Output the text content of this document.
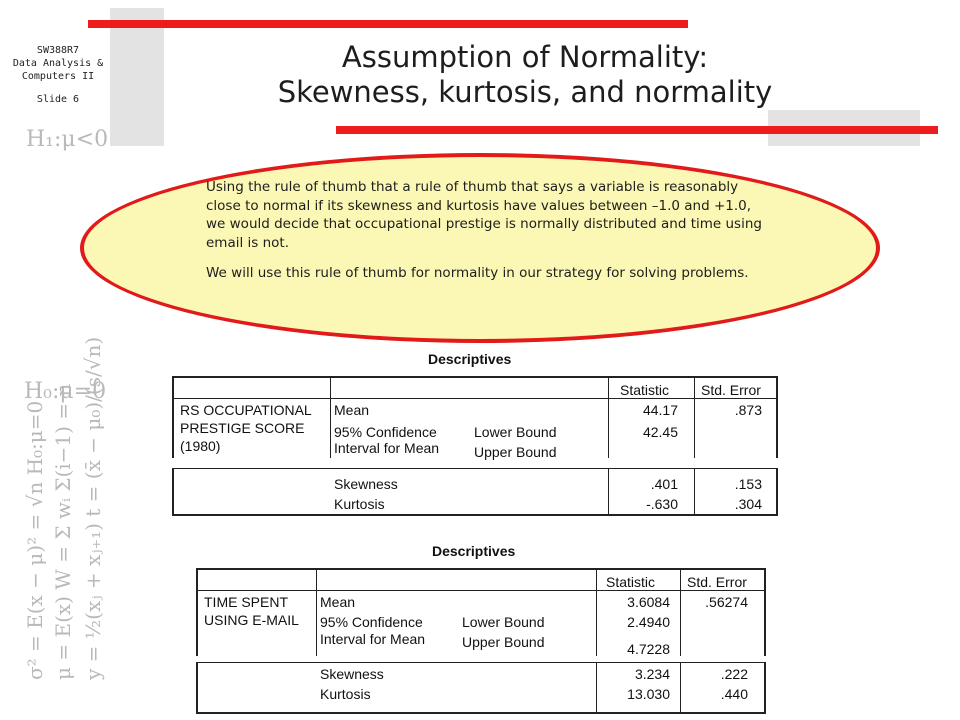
SW388R7
Data Analysis &
Computers II
Slide 6
H₁:μ<0
y = ½(xⱼ + xⱼ₊₁) t = (x̄ − μ₀)/(s/√n)
μ = E(x) W = Σ wᵢ Σ(i−1) = n
σ² = E(x − μ)² = √n H₀:μ=0
H₀:μ=0
Assumption of Normality:
Skewness, kurtosis, and normality

Using the rule of thumb that a rule of thumb that says a variable is reasonably close to normal if its skewness and kurtosis have values between –1.0 and +1.0, we would decide that occupational prestige is normally distributed and time using email is not.

We will use this rule of thumb for normality in our strategy for solving problems.

Descriptives
Statistic Std. Error
RS OCCUPATIONAL
PRESTIGE SCORE
(1980)
Mean	44.17	.873
95% Confidence	Lower Bound	42.45
Interval for Mean Upper Bound
Skewness	.401	.153
Kurtosis	-.630	.304
Descriptives
Statistic Std. Error
TIME SPENT
USING E-MAIL
Mean	3.6084	.56274
95% Confidence	Lower Bound	2.4940
Interval for Mean	Upper Bound	4.7228
Skewness	3.234	.222
Kurtosis	13.030	.440
